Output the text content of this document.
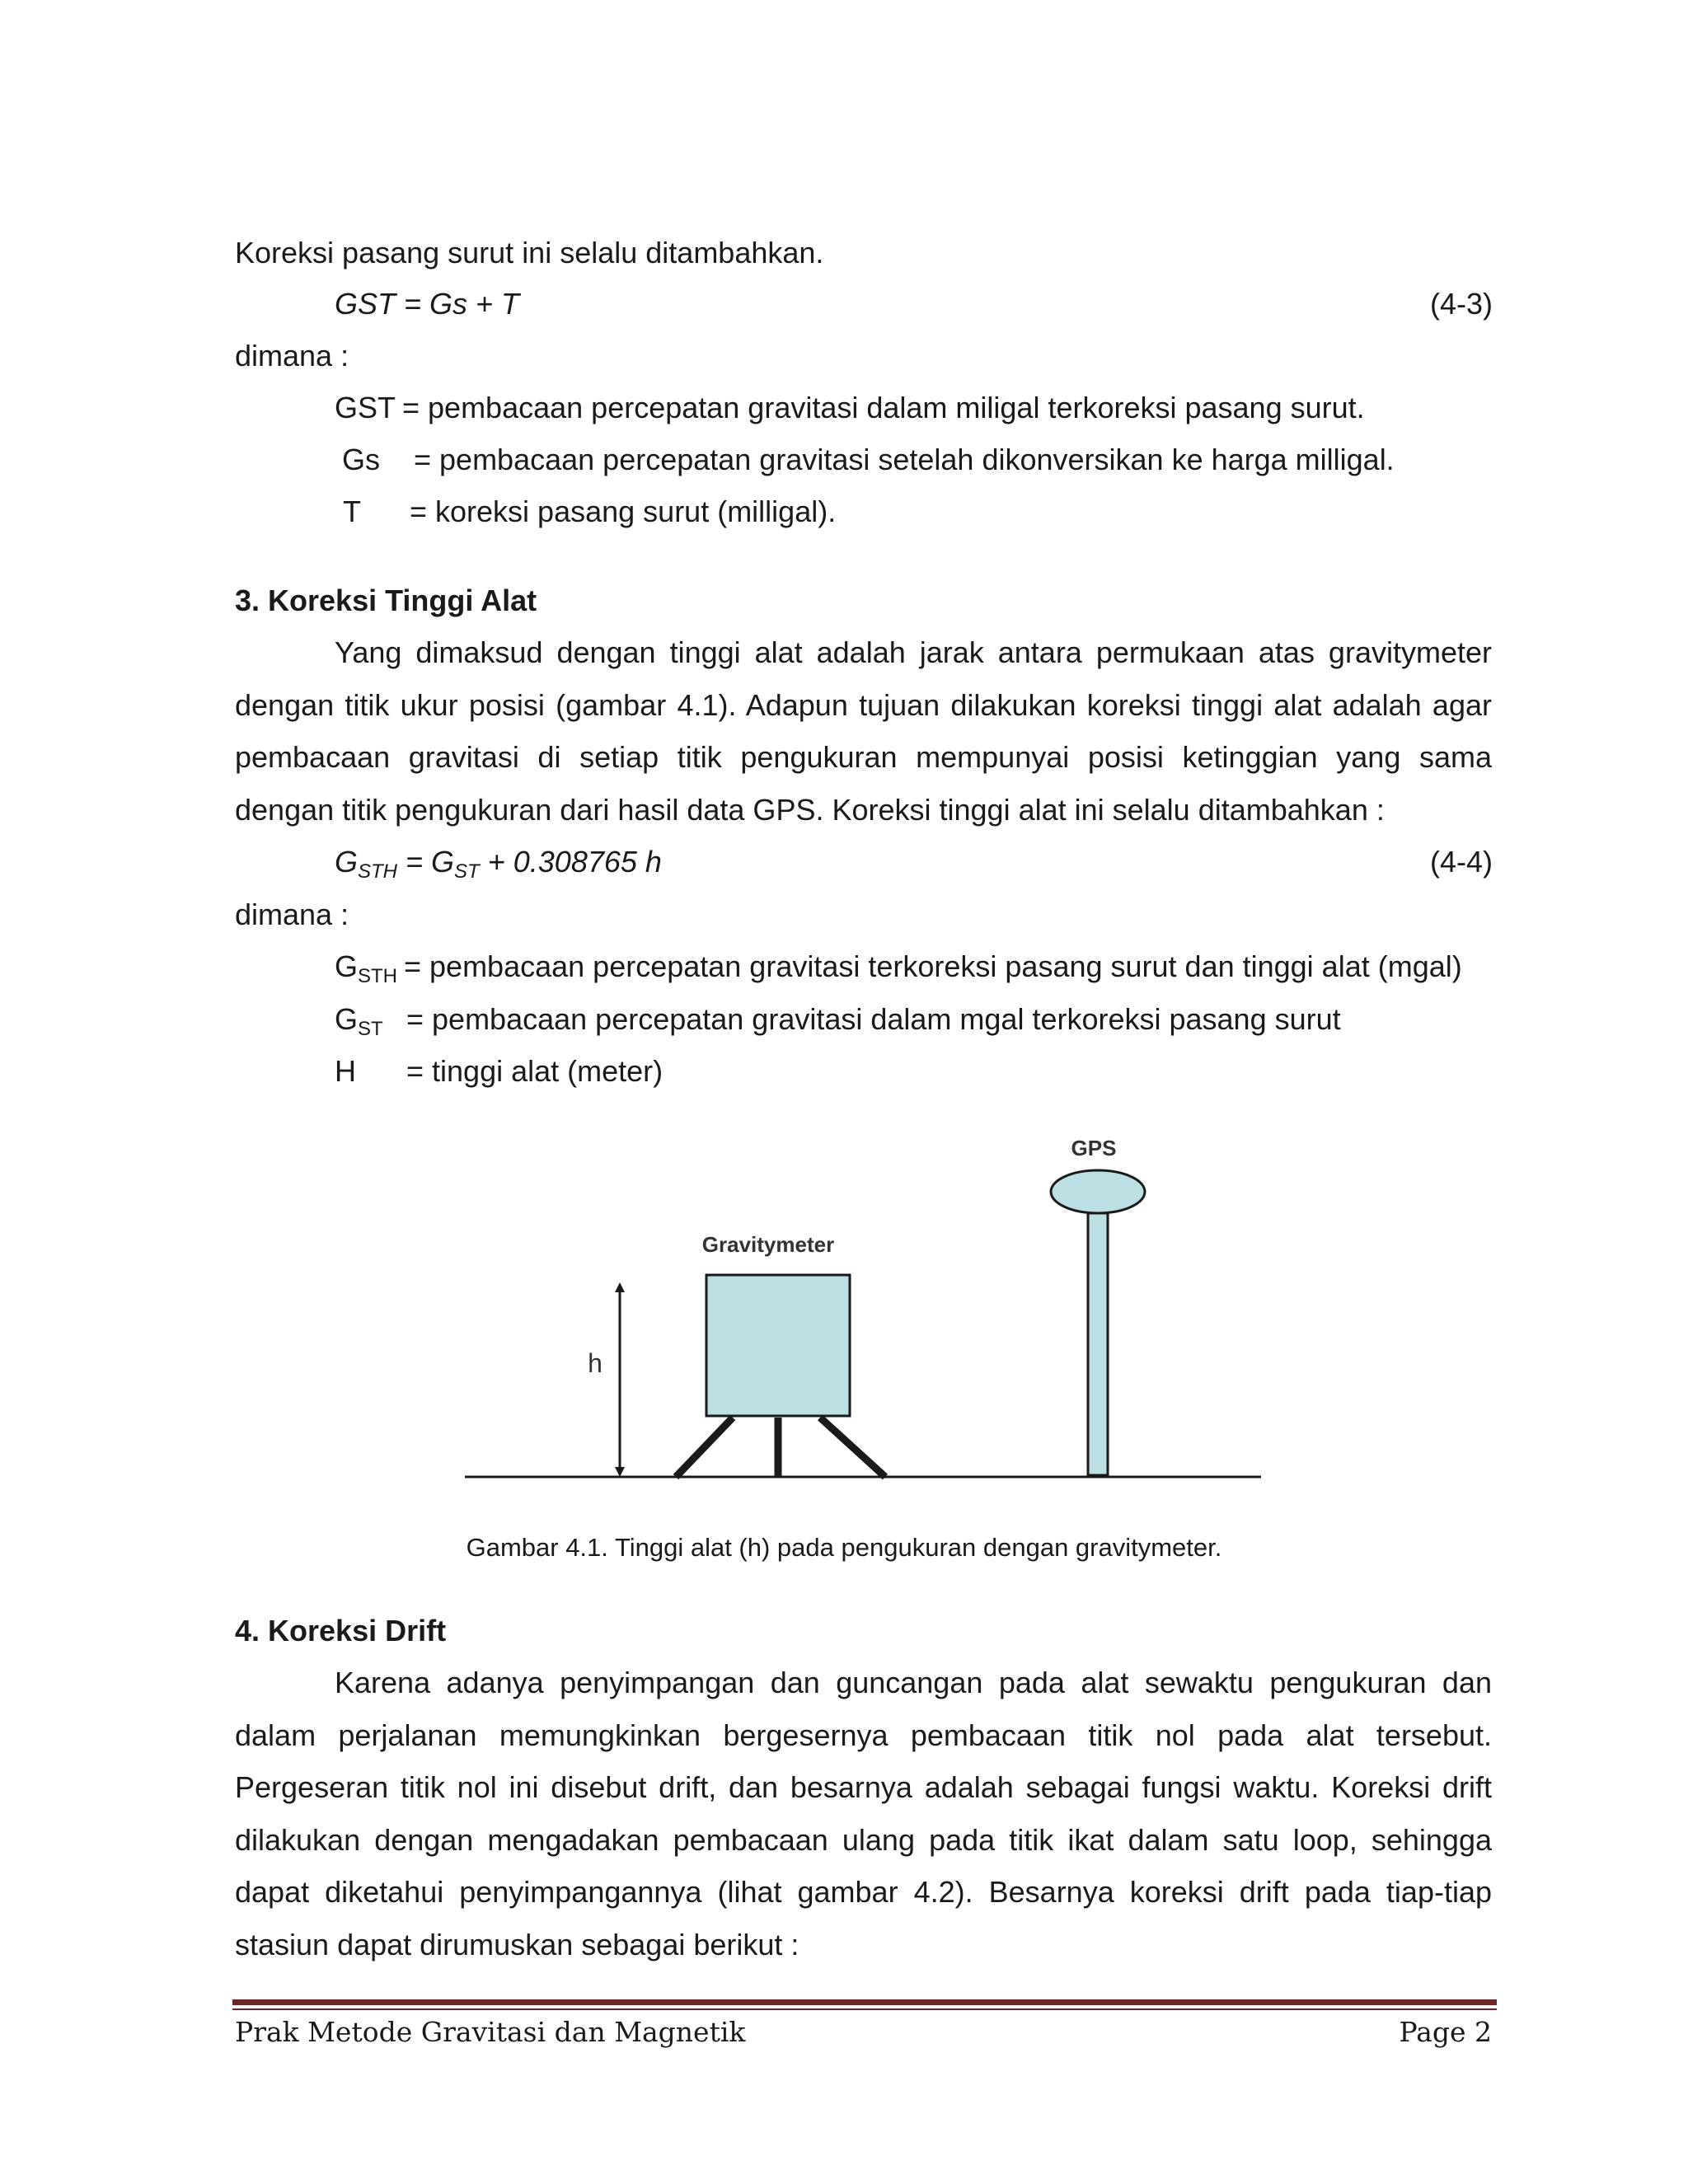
Koreksi pasang surut ini selalu ditambahkan.
GST = Gs + T	(4-3)
dimana :
GST = pembacaan percepatan gravitasi dalam miligal terkoreksi pasang surut.
Gs = pembacaan percepatan gravitasi setelah dikonversikan ke harga milligal.
T = koreksi pasang surut (milligal).
3. Koreksi Tinggi Alat
Yang dimaksud dengan tinggi alat adalah jarak antara permukaan atas gravitymeter
dengan titik ukur posisi (gambar 4.1). Adapun tujuan dilakukan koreksi tinggi alat adalah agar
pembacaan gravitasi di setiap titik pengukuran mempunyai posisi ketinggian yang sama
dengan titik pengukuran dari hasil data GPS. Koreksi tinggi alat ini selalu ditambahkan :
$G_{STH} = G_{ST} + 0.308765$ h	(4-4)
dimana :
$G_{STH}$ = pembacaan percepatan gravitasi terkoreksi pasang surut dan tinggi alat (mgal)
$G_{ST}$ = pembacaan percepatan gravitasi dalam mgal terkoreksi pasang surut
H = tinggi alat (meter)
GPS
Gravitymeter
h
Gambar 4.1. Tinggi alat (h) pada pengukuran dengan gravitymeter.
4. Koreksi Drift
Karena adanya penyimpangan dan guncangan pada alat sewaktu pengukuran dan
dalam perjalanan memungkinkan bergesernya pembacaan titik nol pada alat tersebut.
Pergeseran titik nol ini disebut drift, dan besarnya adalah sebagai fungsi waktu. Koreksi drift
dilakukan dengan mengadakan pembacaan ulang pada titik ikat dalam satu loop, sehingga
dapat diketahui penyimpangannya (lihat gambar 4.2). Besarnya koreksi drift pada tiap-tiap
stasiun dapat dirumuskan sebagai berikut :
Prak Metode Gravitasi dan Magnetik	Page 2
